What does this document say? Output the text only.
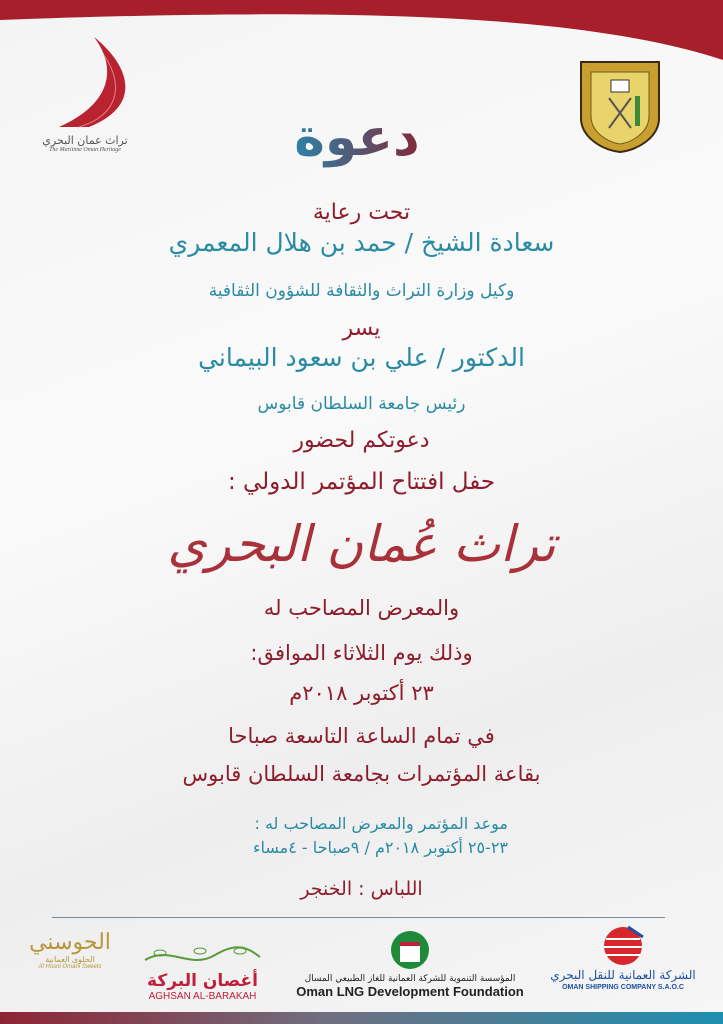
تراث عمان البحري
The Maritime Oman Heritage	دعوة
تحت رعاية
سعادة الشيخ / حمد بن هلال المعمري
وكيل وزارة التراث والثقافة للشؤون الثقافية
يسر
الدكتور / علي بن سعود البيماني
رئيس جامعة السلطان قابوس
دعوتكم لحضور
حفل افتتاح المؤتمر الدولي :
تراث عُمان البحري
والمعرض المصاحب له
وذلك يوم الثلاثاء الموافق:
٢٣ أكتوبر ٢٠١٨م
في تمام الساعة التاسعة صباحا
بقاعة المؤتمرات بجامعة السلطان قابوس
موعد المؤتمر والمعرض المصاحب له :
٢٣-٢٥ أكتوبر ٢٠١٨م / ٩صباحا - ٤مساء
اللباس : الخنجر
الحوسني
الحلوى العمانية
Al Hosni Omani Sweets
أغصان البركة
AGHSAN AL-BARAKAH
المؤسسة التنموية للشركة العمانية للغاز الطبيعي المسال
Oman LNG Development Foundation
الشركة العمانية للنقل البحري
OMAN SHIPPING COMPANY S.A.O.C
